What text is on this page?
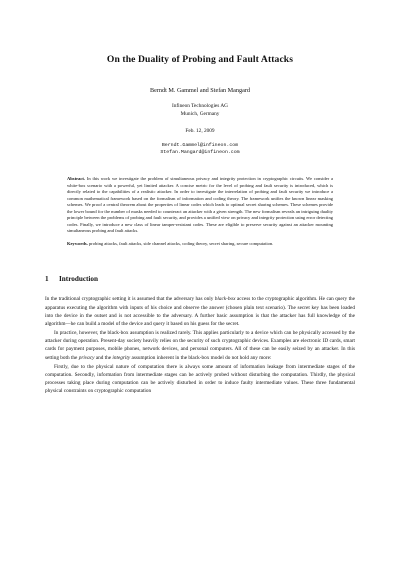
On the Duality of Probing and Fault Attacks
Berndt M. Gammel and Stefan Mangard
Infineon Technologies AG
Munich, Germany
Feb. 12, 2009
Berndt.Gammel@infineon.com
Stefan.Mangard@infineon.com
Abstract. In this work we investigate the problem of simultaneous privacy and integrity protection in cryptographic circuits. We consider a white-box scenario with a powerful, yet limited attacker. A concise metric for the level of probing and fault security is introduced, which is directly related to the capabilities of a realistic attacker. In order to investigate the interrelation of probing and fault security we introduce a common mathematical framework based on the formalism of information and coding theory. The framework unifies the known linear masking schemes. We proof a central theorem about the properties of linear codes which leads to optimal secret sharing schemes. These schemes provide the lower bound for the number of masks needed to counteract an attacker with a given strength. The new formalism reveals an intriguing duality principle between the problems of probing and fault security, and provides a unified view on privacy and integrity protection using error detecting codes. Finally, we introduce a new class of linear tamper-resistant codes. These are eligible to preserve security against an attacker mounting simultaneous probing and fault attacks.
Keywords. probing attacks, fault attacks, side channel attacks, coding theory, secret sharing, secure computation.
1 Introduction

In the traditional cryptographic setting it is assumed that the adversary has only black-box access to the cryptographic algorithm. He can query the apparatus executing the algorithm with inputs of his choice and observe the answer (chosen plain text scenario). The secret key has been loaded into the device in the outset and is not accessible to the adversary. A further basic assumption is that the attacker has full knowledge of the algorithm—he can build a model of the device and query it based on his guess for the secret.

In practice, however, the black-box assumption is realized rarely. This applies particularly to a device which can be physically accessed by the attacker during operation. Present-day society heavily relies on the security of such cryptographic devices. Examples are electronic ID cards, smart cards for payment purposes, mobile phones, network devices, and personal computers. All of these can be easily seized by an attacker. In this setting both the privacy and the integrity assumption inherent in the black-box model do not hold any more:

Firstly, due to the physical nature of computation there is always some amount of information leakage from intermediate stages of the computation. Secondly, information from intermediate stages can be actively probed without disturbing the computation. Thirdly, the physical processes taking place during computation can be actively disturbed in order to induce faulty intermediate values. These three fundamental physical constraints on cryptographic computation
